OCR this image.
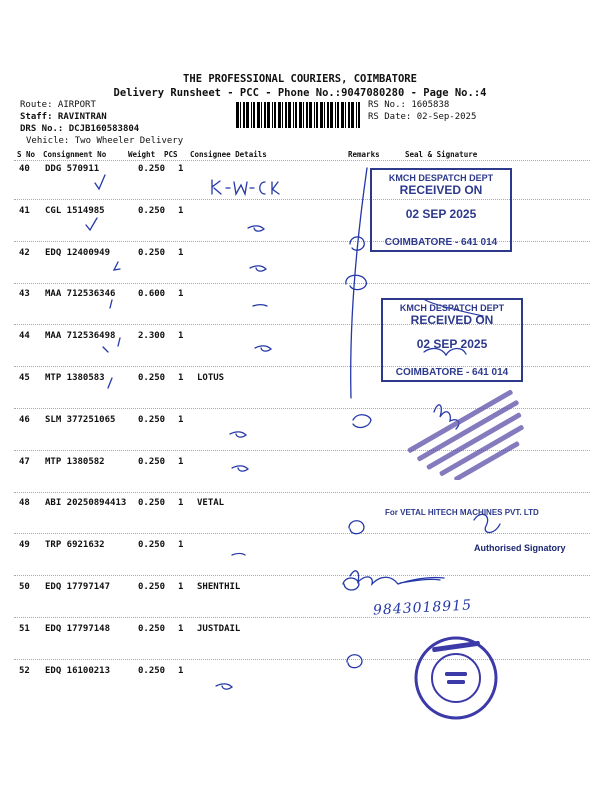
THE PROFESSIONAL COURIERS, COIMBATORE
Delivery Runsheet - PCC - Phone No.:9047080280 - Page No.:4
Route: AIRPORT
Staff: RAVINTRAN
DRS No.: DCJB160583804
Vehicle: Two Wheeler Delivery
RS No.: 1605838
RS Date: 02-Sep-2025
S No Consignment No	Weight PCS Consignee Details	Remarks	Seal & Signature
40 DDG 570911	0.250 1
41 CGL 1514985	0.250 1
42 EDQ 12400949	0.250 1
43 MAA 712536346	0.600 1
44 MAA 712536498	2.300 1
45 MTP 1380583	0.250 1 LOTUS
46 SLM 377251065	0.250 1
47 MTP 1380582	0.250 1
48 ABI 20250894413 0.250 1 VETAL
49 TRP 6921632	0.250 1
50 EDQ 17797147	0.250 1 SHENTHIL
51 EDQ 17797148	0.250 1 JUSTDAIL
52 EDQ 16100213	0.250 1
KMCH DESPATCH DEPT
RECEIVED ON
02 SEP 2025
COIMBATORE - 641 014
KMCH DESPATCH DEPT
RECEIVED ON
02 SEP 2025
COIMBATORE - 641 014
For VETAL HITECH MACHINES PVT. LTD
Authorised Signatory
9843018915
